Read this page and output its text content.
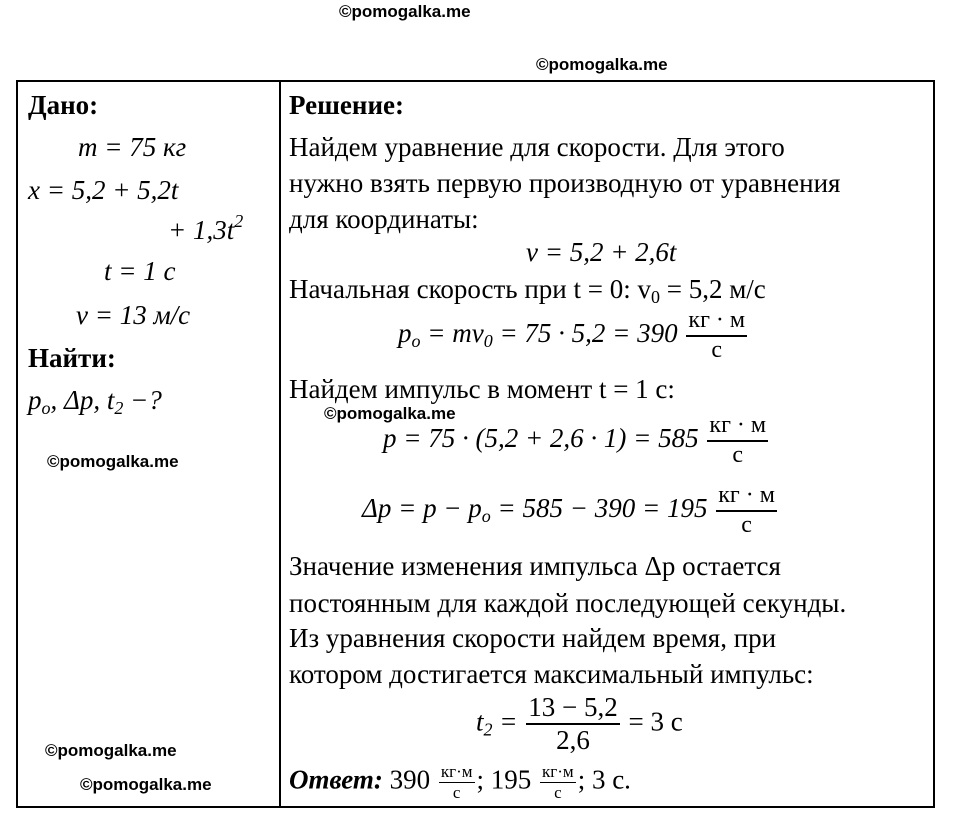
©pomogalka.me
©pomogalka.me
©pomogalka.me
©pomogalka.me
©pomogalka.me
©pomogalka.me
Дано:
m = 75 кг
x = 5,2 + 5,2t
+ $1,3t^2$
t = 1 с
v = 13 м/с
Найти:
$p_o$, Δp, $t_2$ −?
Решение:
Найдем уравнение для скорости. Для этого
нужно взять первую производную от уравнения
для координаты:
v = 5,2 + 2,6t
Начальная скорость при t = 0: $v_0 = 5,2$ м/с
$p_o = mv_0 = 75 \cdot 5,2 = 390 \frac{кг \cdot м}{с}$
Найдем импульс в момент t = 1 с:
$p = 75 \cdot (5,2 + 2,6 \cdot 1) = 585 \frac{кг \cdot м}{с}$
$\Delta p = p - p_o = 585 - 390 = 195 \frac{кг \cdot м}{с}$
Значение изменения импульса Δp остается
постоянным для каждой последующей секунды.
Из уравнения скорости найдем время, при
котором достигается максимальный импульс:
$t_2 = \frac{13 - 5,2}{2,6} = 3$ с
Ответ: $390 \frac{кг\cdot м}{с}$ ; $195 \frac{кг\cdot м}{с}$ ; 3 с.
